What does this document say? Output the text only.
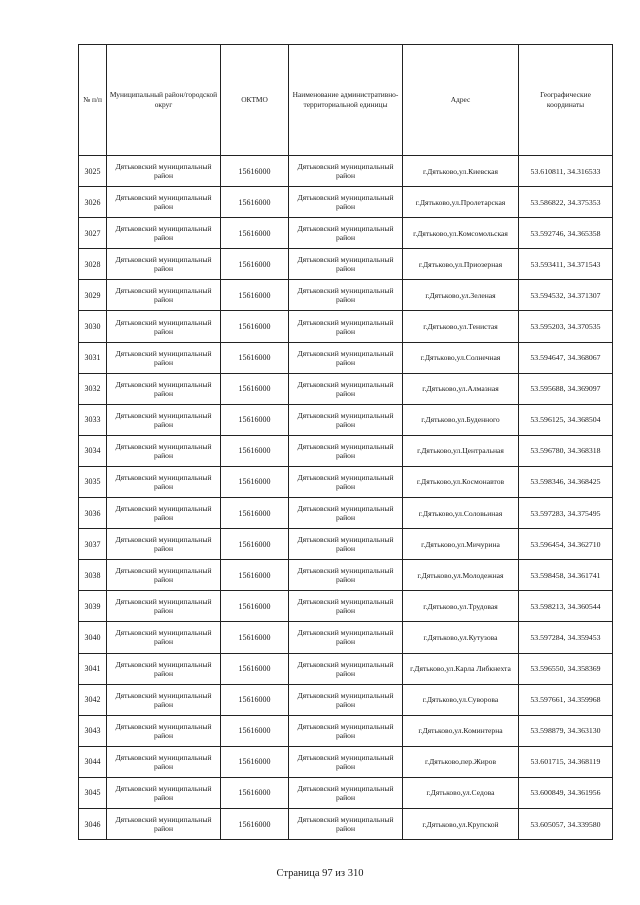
№ п/п	Муниципальный район/городской округ	ОКТМО	Наименование административно-территориальной единицы	Адрес	Географические координаты
3025	Дятьковский муниципальный район	15616000	Дятьковский муниципальный район	г.Дятьково,ул.Киевская	53.610811, 34.316533
3026	Дятьковский муниципальный район	15616000	Дятьковский муниципальный район	г.Дятьково,ул.Пролетарская	53.586822, 34.375353
3027	Дятьковский муниципальный район	15616000	Дятьковский муниципальный район	г.Дятьково,ул.Комсомольская	53.592746, 34.365358
3028	Дятьковский муниципальный район	15616000	Дятьковский муниципальный район	г.Дятьково,ул.Приозерная	53.593411, 34.371543
3029	Дятьковский муниципальный район	15616000	Дятьковский муниципальный район	г.Дятьково,ул.Зеленая	53.594532, 34.371307
3030	Дятьковский муниципальный район	15616000	Дятьковский муниципальный район	г.Дятьково,ул.Тенистая	53.595203, 34.370535
3031	Дятьковский муниципальный район	15616000	Дятьковский муниципальный район	г.Дятьково,ул.Солнечная	53.594647, 34.368067
3032	Дятьковский муниципальный район	15616000	Дятьковский муниципальный район	г.Дятьково,ул.Алмазная	53.595688, 34.369097
3033	Дятьковский муниципальный район	15616000	Дятьковский муниципальный район	г.Дятьково,ул.Буденного	53.596125, 34.368504
3034	Дятьковский муниципальный район	15616000	Дятьковский муниципальный район	г.Дятьково,ул.Центральная	53.596780, 34.368318
3035	Дятьковский муниципальный район	15616000	Дятьковский муниципальный район	г.Дятьково,ул.Космонавтов	53.598346, 34.368425
3036	Дятьковский муниципальный район	15616000	Дятьковский муниципальный район	г.Дятьково,ул.Соловьиная	53.597283, 34.375495
3037	Дятьковский муниципальный район	15616000	Дятьковский муниципальный район	г.Дятьково,ул.Мичурина	53.596454, 34.362710
3038	Дятьковский муниципальный район	15616000	Дятьковский муниципальный район	г.Дятьково,ул.Молодежная	53.598458, 34.361741
3039	Дятьковский муниципальный район	15616000	Дятьковский муниципальный район	г.Дятьково,ул.Трудовая	53.598213, 34.360544
3040	Дятьковский муниципальный район	15616000	Дятьковский муниципальный район	г.Дятьково,ул.Кутузова	53.597284, 34.359453
3041	Дятьковский муниципальный район	15616000	Дятьковский муниципальный район	г.Дятьково,ул.Карла Либкнехта	53.596550, 34.358369
3042	Дятьковский муниципальный район	15616000	Дятьковский муниципальный район	г.Дятьково,ул.Суворова	53.597661, 34.359968
3043	Дятьковский муниципальный район	15616000	Дятьковский муниципальный район	г.Дятьково,ул.Коминтерна	53.598879, 34.363130
3044	Дятьковский муниципальный район	15616000	Дятьковский муниципальный район	г.Дятьково,пер.Жиров	53.601715, 34.368119
3045	Дятьковский муниципальный район	15616000	Дятьковский муниципальный район	г.Дятьково,ул.Седова	53.600849, 34.361956
3046	Дятьковский муниципальный район	15616000	Дятьковский муниципальный район	г.Дятьково,ул.Крупской	53.605057, 34.339580
Страница 97 из 310
